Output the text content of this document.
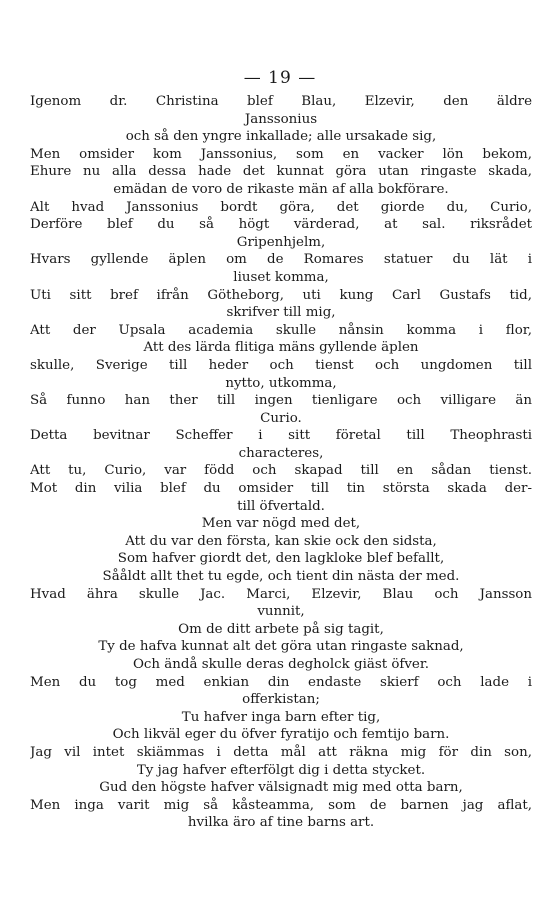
— 19 —
Igenom dr. Christina blef Blau, Elzevir, den äldre
Janssonius
och så den yngre inkallade; alle ursakade sig,
Men omsider kom Janssonius, som en vacker lön bekom,
Ehure nu alla dessa hade det kunnat göra utan ringaste skada,
emädan de voro de rikaste män af alla bokförare.
Alt hvad Janssonius bordt göra, det giorde du, Curio,
Derföre blef du så högt värderad, at sal. riksrådet
Gripenhjelm,
Hvars gyllende äplen om de Romares statuer du lät i
liuset komma,
Uti sitt bref ifrån Götheborg, uti kung Carl Gustafs tid,
skrifver till mig,
Att der Upsala academia skulle nånsin komma i flor,
Att des lärda flitiga mäns gyllende äplen
skulle, Sverige till heder och tienst och ungdomen till
nytto, utkomma,
Så funno han ther till ingen tienligare och villigare än
Curio.
Detta bevitnar Scheffer i sitt företal till Theophrasti
characteres,
Att tu, Curio, var född och skapad till en sådan tienst.
Mot din vilia blef du omsider till tin största skada der-
till öfvertald.
Men var nögd med det,
Att du var den första, kan skie ock den sidsta,
Som hafver giordt det, den lagkloke blef befallt,
Sååldt allt thet tu egde, och tient din nästa der med.
Hvad ähra skulle Jac. Marci, Elzevir, Blau och Jansson
vunnit,
Om de ditt arbete på sig tagit,
Ty de hafva kunnat alt det göra utan ringaste saknad,
Och ändå skulle deras degholck giäst öfver.
Men du tog med enkian din endaste skierf och lade i
offerkistan;
Tu hafver inga barn efter tig,
Och likväl eger du öfver fyratijo och femtijo barn.
Jag vil intet skiämmas i detta mål att räkna mig för din son,
Ty jag hafver efterfölgt dig i detta stycket.
Gud den högste hafver välsignadt mig med otta barn,
Men inga varit mig så kåsteamma, som de barnen jag aflat,
hvilka äro af tine barns art.
